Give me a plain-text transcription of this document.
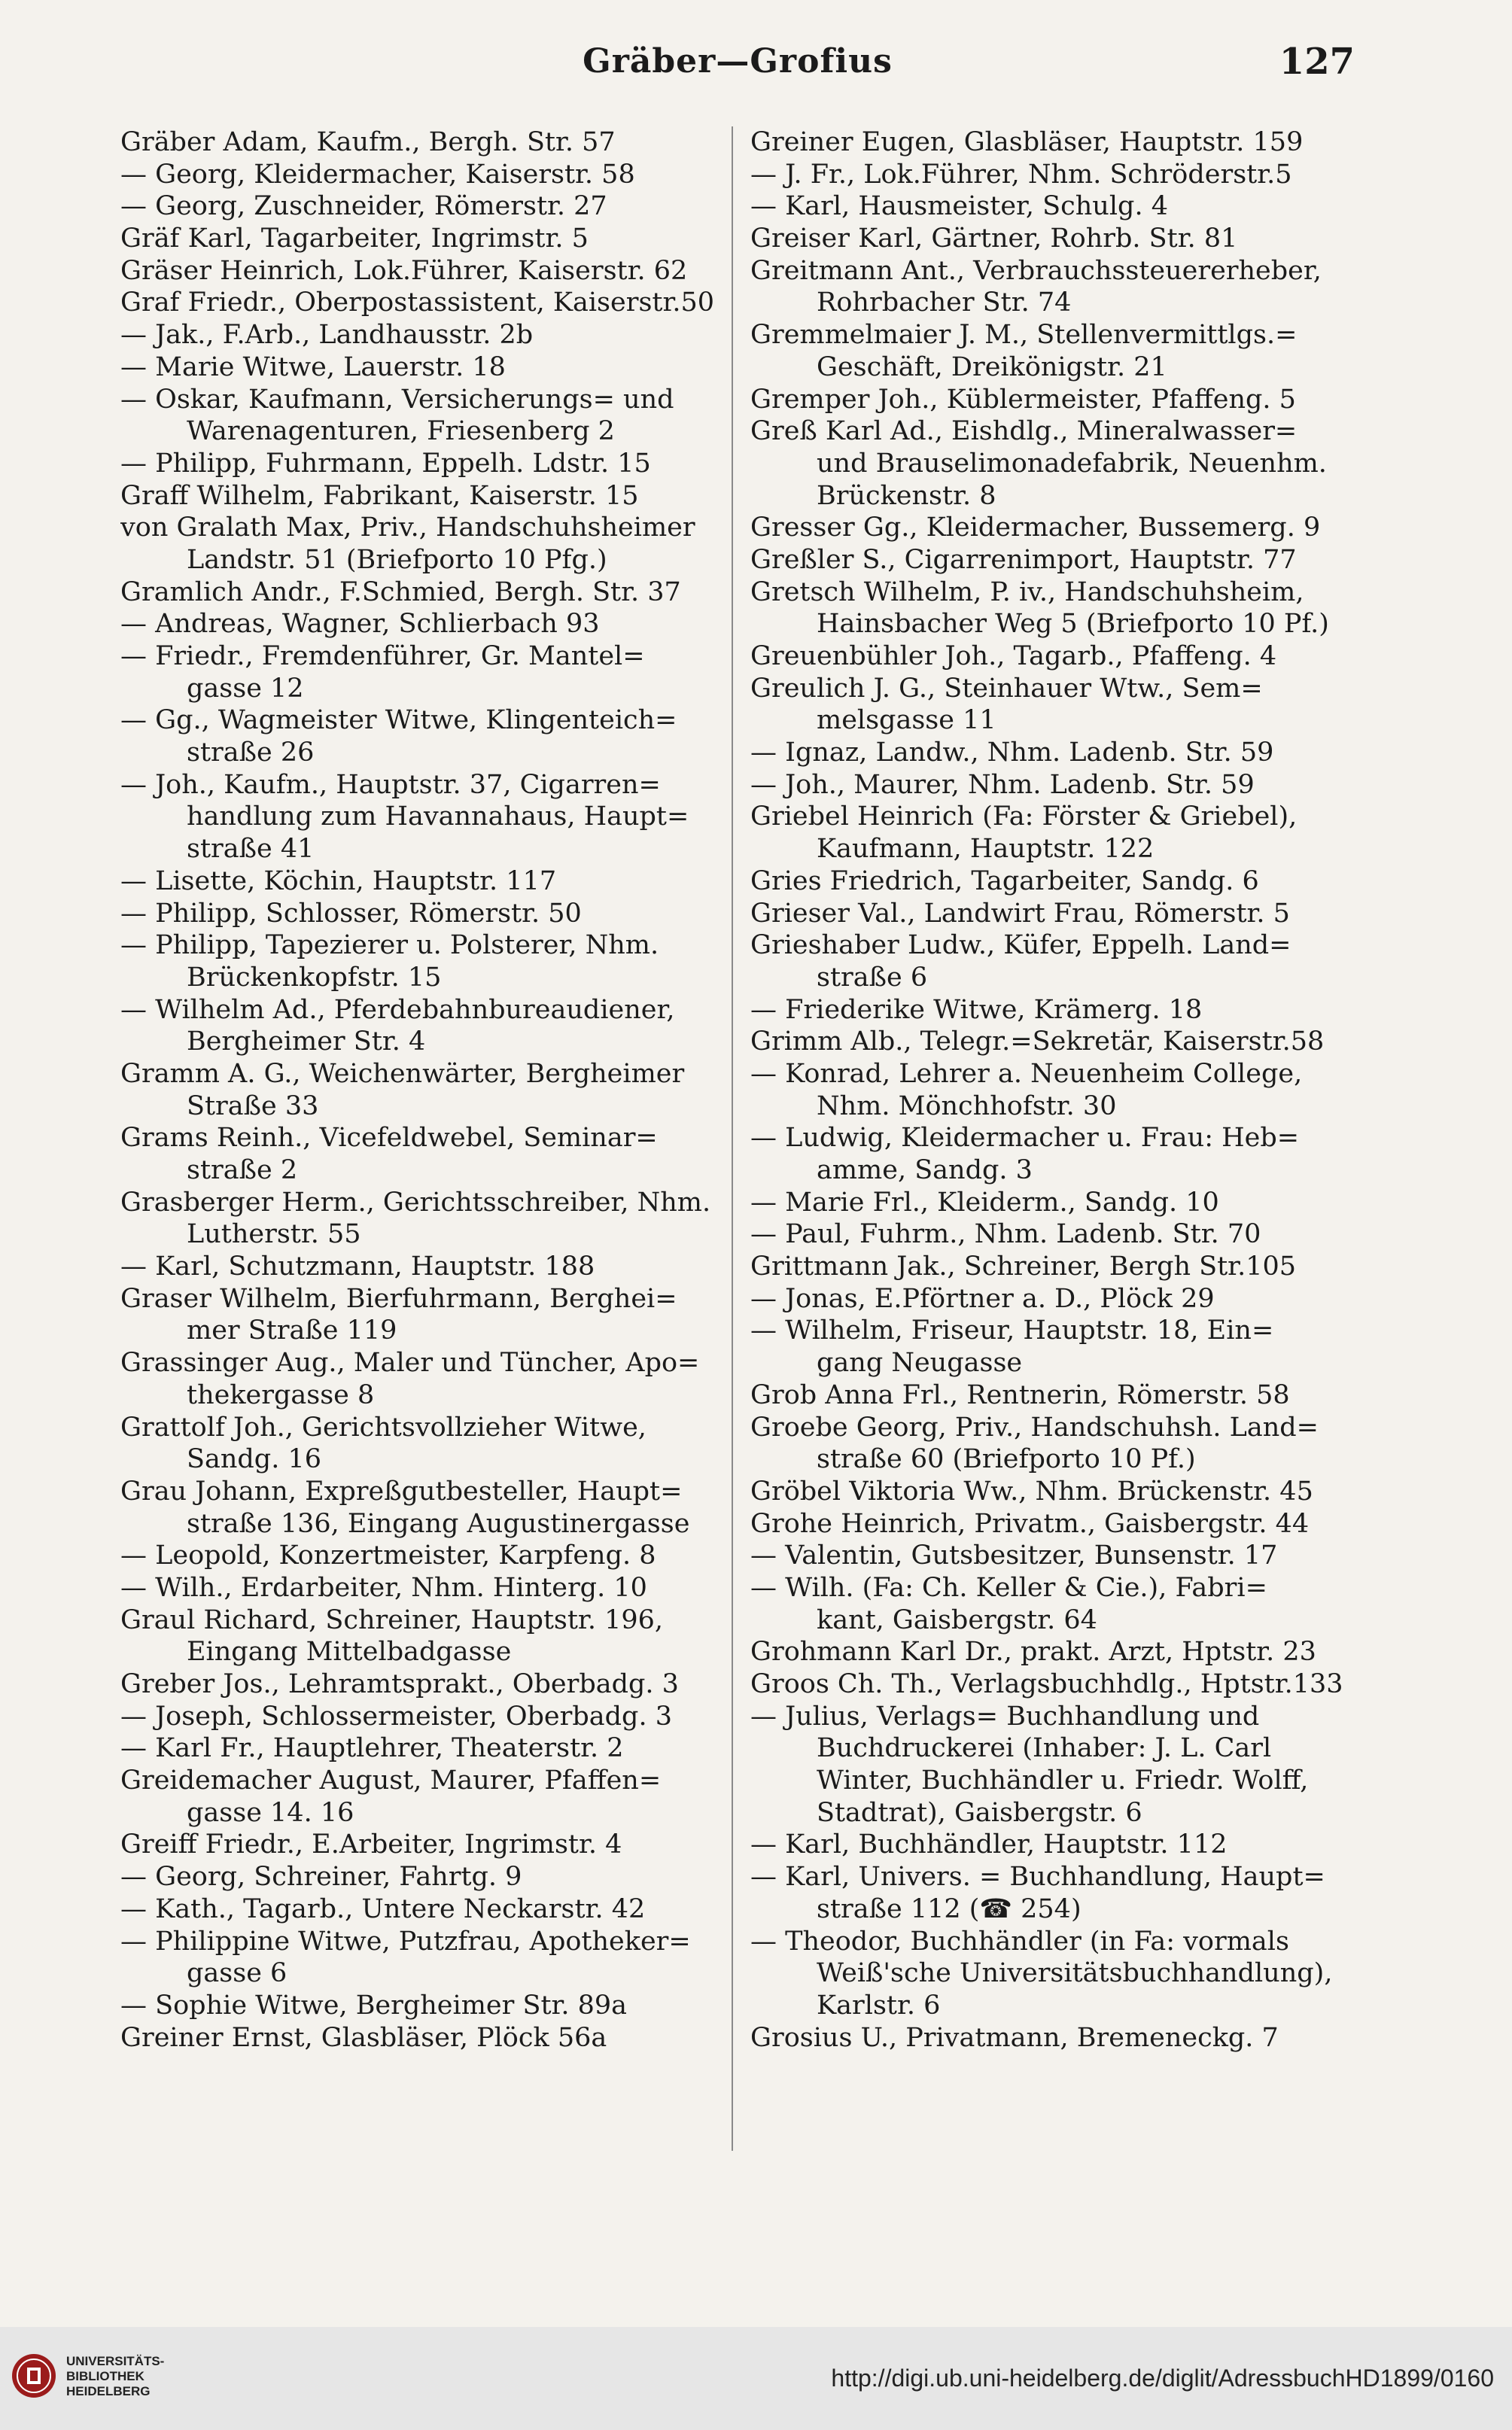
Gräber—Grofius	127
Gräber Adam, Kaufm., Bergh. Str. 57
— Georg, Kleidermacher, Kaiserstr. 58
— Georg, Zuschneider, Römerstr. 27
Gräf Karl, Tagarbeiter, Ingrimstr. 5
Gräser Heinrich, Lok.Führer, Kaiserstr. 62
Graf Friedr., Oberpostassistent, Kaiserstr.50
— Jak., F.Arb., Landhausstr. 2b
— Marie Witwe, Lauerstr. 18
— Oskar, Kaufmann, Versicherungs= und
Warenagenturen, Friesenberg 2
— Philipp, Fuhrmann, Eppelh. Ldstr. 15
Graff Wilhelm, Fabrikant, Kaiserstr. 15
von Gralath Max, Priv., Handschuhsheimer
Landstr. 51 (Briefporto 10 Pfg.)
Gramlich Andr., F.Schmied, Bergh. Str. 37
— Andreas, Wagner, Schlierbach 93
— Friedr., Fremdenführer, Gr. Mantel=
gasse 12
— Gg., Wagmeister Witwe, Klingenteich=
straße 26
— Joh., Kaufm., Hauptstr. 37, Cigarren=
handlung zum Havannahaus, Haupt=
straße 41
— Lisette, Köchin, Hauptstr. 117
— Philipp, Schlosser, Römerstr. 50
— Philipp, Tapezierer u. Polsterer, Nhm.
Brückenkopfstr. 15
— Wilhelm Ad., Pferdebahnbureaudiener,
Bergheimer Str. 4
Gramm A. G., Weichenwärter, Bergheimer
Straße 33
Grams Reinh., Vicefeldwebel, Seminar=
straße 2
Grasberger Herm., Gerichtsschreiber, Nhm.
Lutherstr. 55
— Karl, Schutzmann, Hauptstr. 188
Graser Wilhelm, Bierfuhrmann, Berghei=
mer Straße 119
Grassinger Aug., Maler und Tüncher, Apo=
thekergasse 8
Grattolf Joh., Gerichtsvollzieher Witwe,
Sandg. 16
Grau Johann, Expreßgutbesteller, Haupt=
straße 136, Eingang Augustinergasse
— Leopold, Konzertmeister, Karpfeng. 8
— Wilh., Erdarbeiter, Nhm. Hinterg. 10
Graul Richard, Schreiner, Hauptstr. 196,
Eingang Mittelbadgasse
Greber Jos., Lehramtsprakt., Oberbadg. 3
— Joseph, Schlossermeister, Oberbadg. 3
— Karl Fr., Hauptlehrer, Theaterstr. 2
Greidemacher August, Maurer, Pfaffen=
gasse 14. 16
Greiff Friedr., E.Arbeiter, Ingrimstr. 4
— Georg, Schreiner, Fahrtg. 9
— Kath., Tagarb., Untere Neckarstr. 42
— Philippine Witwe, Putzfrau, Apotheker=
gasse 6
— Sophie Witwe, Bergheimer Str. 89a
Greiner Ernst, Glasbläser, Plöck 56a
Greiner Eugen, Glasbläser, Hauptstr. 159
— J. Fr., Lok.Führer, Nhm. Schröderstr.5
— Karl, Hausmeister, Schulg. 4
Greiser Karl, Gärtner, Rohrb. Str. 81
Greitmann Ant., Verbrauchssteuererheber,
Rohrbacher Str. 74
Gremmelmaier J. M., Stellenvermittlgs.=
Geschäft, Dreikönigstr. 21
Gremper Joh., Küblermeister, Pfaffeng. 5
Greß Karl Ad., Eishdlg., Mineralwasser=
und Brauselimonadefabrik, Neuenhm.
Brückenstr. 8
Gresser Gg., Kleidermacher, Bussemerg. 9
Greßler S., Cigarrenimport, Hauptstr. 77
Gretsch Wilhelm, P. iv., Handschuhsheim,
Hainsbacher Weg 5 (Briefporto 10 Pf.)
Greuenbühler Joh., Tagarb., Pfaffeng. 4
Greulich J. G., Steinhauer Wtw., Sem=
melsgasse 11
— Ignaz, Landw., Nhm. Ladenb. Str. 59
— Joh., Maurer, Nhm. Ladenb. Str. 59
Griebel Heinrich (Fa: Förster & Griebel),
Kaufmann, Hauptstr. 122
Gries Friedrich, Tagarbeiter, Sandg. 6
Grieser Val., Landwirt Frau, Römerstr. 5
Grieshaber Ludw., Küfer, Eppelh. Land=
straße 6
— Friederike Witwe, Krämerg. 18
Grimm Alb., Telegr.=Sekretär, Kaiserstr.58
— Konrad, Lehrer a. Neuenheim College,
Nhm. Mönchhofstr. 30
— Ludwig, Kleidermacher u. Frau: Heb=
amme, Sandg. 3
— Marie Frl., Kleiderm., Sandg. 10
— Paul, Fuhrm., Nhm. Ladenb. Str. 70
Grittmann Jak., Schreiner, Bergh Str.105
— Jonas, E.Pförtner a. D., Plöck 29
— Wilhelm, Friseur, Hauptstr. 18, Ein=
gang Neugasse
Grob Anna Frl., Rentnerin, Römerstr. 58
Groebe Georg, Priv., Handschuhsh. Land=
straße 60 (Briefporto 10 Pf.)
Gröbel Viktoria Ww., Nhm. Brückenstr. 45
Grohe Heinrich, Privatm., Gaisbergstr. 44
— Valentin, Gutsbesitzer, Bunsenstr. 17
— Wilh. (Fa: Ch. Keller & Cie.), Fabri=
kant, Gaisbergstr. 64
Grohmann Karl Dr., prakt. Arzt, Hptstr. 23
Groos Ch. Th., Verlagsbuchhdlg., Hptstr.133
— Julius, Verlags= Buchhandlung und
Buchdruckerei (Inhaber: J. L. Carl
Winter, Buchhändler u. Friedr. Wolff,
Stadtrat), Gaisbergstr. 6
— Karl, Buchhändler, Hauptstr. 112
— Karl, Univers. = Buchhandlung, Haupt=
straße 112 (☎ 254)
— Theodor, Buchhändler (in Fa: vormals
Weiß'sche Universitätsbuchhandlung),
Karlstr. 6
Grosius U., Privatmann, Bremeneckg. 7
UNIVERSITÄTS-
BIBLIOTHEK
HEIDELBERG	http://digi.ub.uni-heidelberg.de/diglit/AdressbuchHD1899/0160
